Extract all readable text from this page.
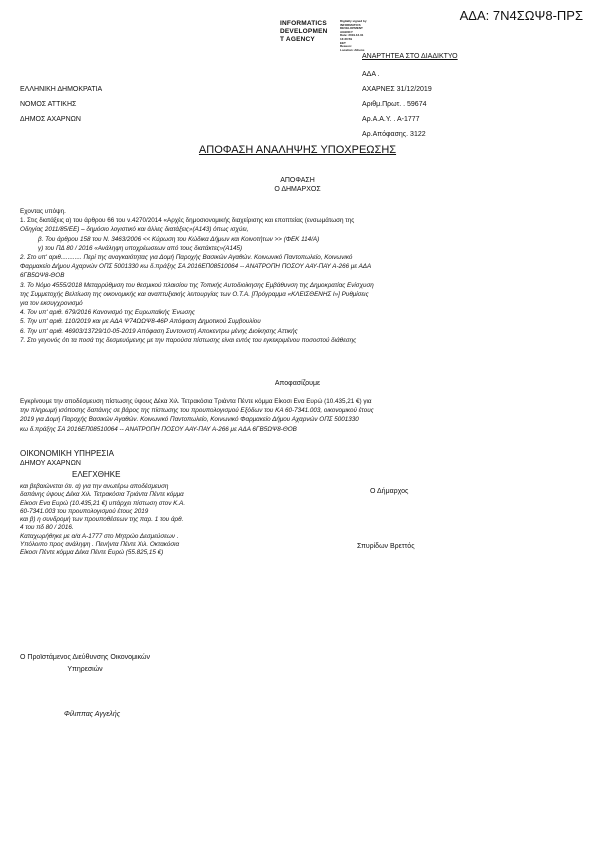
ΑΔΑ: 7Ν4ΣΩΨ8-ΠΡΣ
INFORMATICS
DEVELOPMEN
T AGENCY
Digitally signed by
INFORMATICS
DEVELOPMENT AGENCY
Date: 2019.12.31 13:30:59
EET
Reason:
Location: Athens
ΑΝΑΡΤΗΤΕΑ ΣΤΟ ΔΙΑΔΙΚΤΥΟ
ΕΛΛΗΝΙΚΗ ΔΗΜΟΚΡΑΤΙΑ
ΝΟΜΟΣ ΑΤΤΙΚΗΣ
ΔΗΜΟΣ ΑΧΑΡΝΩΝ
ΑΔΑ .
ΑΧΑΡΝΕΣ 31/12/2019
Αριθμ.Πρωτ. . 59674
Αρ.Α.Α.Υ. . Α-1777
Αρ.Απόφασης. 3122
ΑΠΟΦΑΣΗ ΑΝΑΛΗΨΗΣ ΥΠΟΧΡΕΩΣΗΣ
ΑΠΟΦΑΣΗ
Ο ΔΗΜΑΡΧΟΣ
Εχοντας υπόψη.
1. Στις διατάξεις α) του άρθρου 66 του ν.4270/2014 «Αρχές δημοσιονομικής διαχείρισης και εποπτείας (ενσωμάτωση της
Οδηγίας 2011/85/ΕΕ) – δημόσιο λογιστικό και άλλες διατάξεις»(Α143) όπως ισχύει,
β. Του άρθρου 158 του Ν. 3463/2006 << Κύρωση του Κώδικα Δήμων και Κοινοτήτων >> (ΦΕΚ 114/Α)
γ) του ΠΔ 80 / 2016 «Ανάληψη υποχρέωσεων από τους διατάκτες»(Α145)
2. Στο υπ' αριθ............ Περί της αναγκαιότητας για Δομή Παροχής Βασικών Αγαθών. Κοινωνικό Παντοπωλείο, Κοινωνικό
Φαρμακείο Δήμου Αχαρνών ΟΠΣ 5001330 κω δ.πράξης ΣΑ 2016ΕΠ08510064 -- ΑΝΑΤΡΟΠΗ ΠΟΣΟΥ ΑΑΥ-ΠΑΥ Α-266 με ΑΔΑ
6ΓΒ5ΩΨ8-ΘΟΒ
3. Το Νόμο 4555/2018 Μεταρρύθμιση του θεσμικού πλαισίου της Τοπικής Αυτοδιοίκησης Εμβάθυνση της Δημοκρατίας Ενίσχυση
της Συμμετοχής Βελτίωση της οικονομικής και αναπτυξιακής λειτουργίας των Ο.Τ.Α. [Πρόγραμμα «ΚΛΕΙΣΘΕΝΗΣ Ι»] Ρυθμίσεις
για τον εκσυγχρονισμό
4. Τον υπ' αριθ. 679/2016 Κανονισμό της Ευρωπαϊκής Ένωσης
5. Την υπ' αριθ. 110/2019 και με ΑΔΑ Ψ74ΩΩΨ8-46Ρ Απόφαση Δημοτικού Συμβουλίου
6. Την υπ' αριθ. 46903/13729/10-05-2019 Απόφαση Συντονιστή Αποκεντρω μένης Διοίκησης Αττικής
7. Στο γεγονός ότι τα ποσά της δεσμευόμενης με την παρούσα πίστωσης είναι εντός του εγκεκριμένου ποσοστού διάθεσης
Αποφασίζουμε
Εγκρίνουμε την αποδέσμευση πίστωσης ύψους Δέκα Χιλ. Τετρακόσια Τριάντα Πέντε κόμμα Είκοσι Ενα Ευρώ (10.435,21 €) για
την πληρωμή ισόποσης δαπάνης σε βάρος της πίστωσης του προυπολογισμού Εξόδων του ΚΑ 60-7341.003, οικονομικού έτους
2019 για Δομή Παροχής Βασικών Αγαθών. Κοινωνικό Παντοπωλείο, Κοινωνικό Φαρμακείο Δήμου Αχαρνών ΟΠΣ 5001330
κω δ.πράξης ΣΑ 2016ΕΠ08510064 -- ΑΝΑΤΡΟΠΗ ΠΟΣΟΥ ΑΑΥ-ΠΑΥ Α-266 με ΑΔΑ 6ΓΒ5ΩΨ8-ΘΟΒ
ΟΙΚΟΝΟΜΙΚΗ ΥΠΗΡΕΣΙΑ
ΔΗΜΟΥ ΑΧΑΡΝΩΝ
ΕΛΕΓΧΘΗΚΕ
και βεβαιώνεται ότι. α) για την ανωτέρω αποδέσμευση
δαπάνης ύψους Δέκα Χιλ. Τετρακόσια Τριάντα Πέντε κόμμα
Είκοσι Ενα Ευρώ (10.435,21 €) υπάρχει πίστωση στον Κ.Α.
60-7341.003 του προυπολογισμού έτους 2019
και β) η συνδρομή των προυποθέσεων της παρ. 1 του άρθ.
4 του πδ 80 / 2016.
Καταχωρήθηκε με α/α Α-1777 στο Μητρώο Δεσμεύσεων .
Υπόλοιπο προς ανάληψη . Πενήντα Πέντε Χιλ. Οκτακόσια
Είκοσι Πέντε κόμμα Δέκα Πέντε Ευρώ (55.825,15 €)
Ο Δήμαρχος
Σπυρίδων Βρεττός
Ο Προϊστάμενος Διεύθυνσης Οικονομικών Υπηρεσιών
Φίλιππας Αγγελής
